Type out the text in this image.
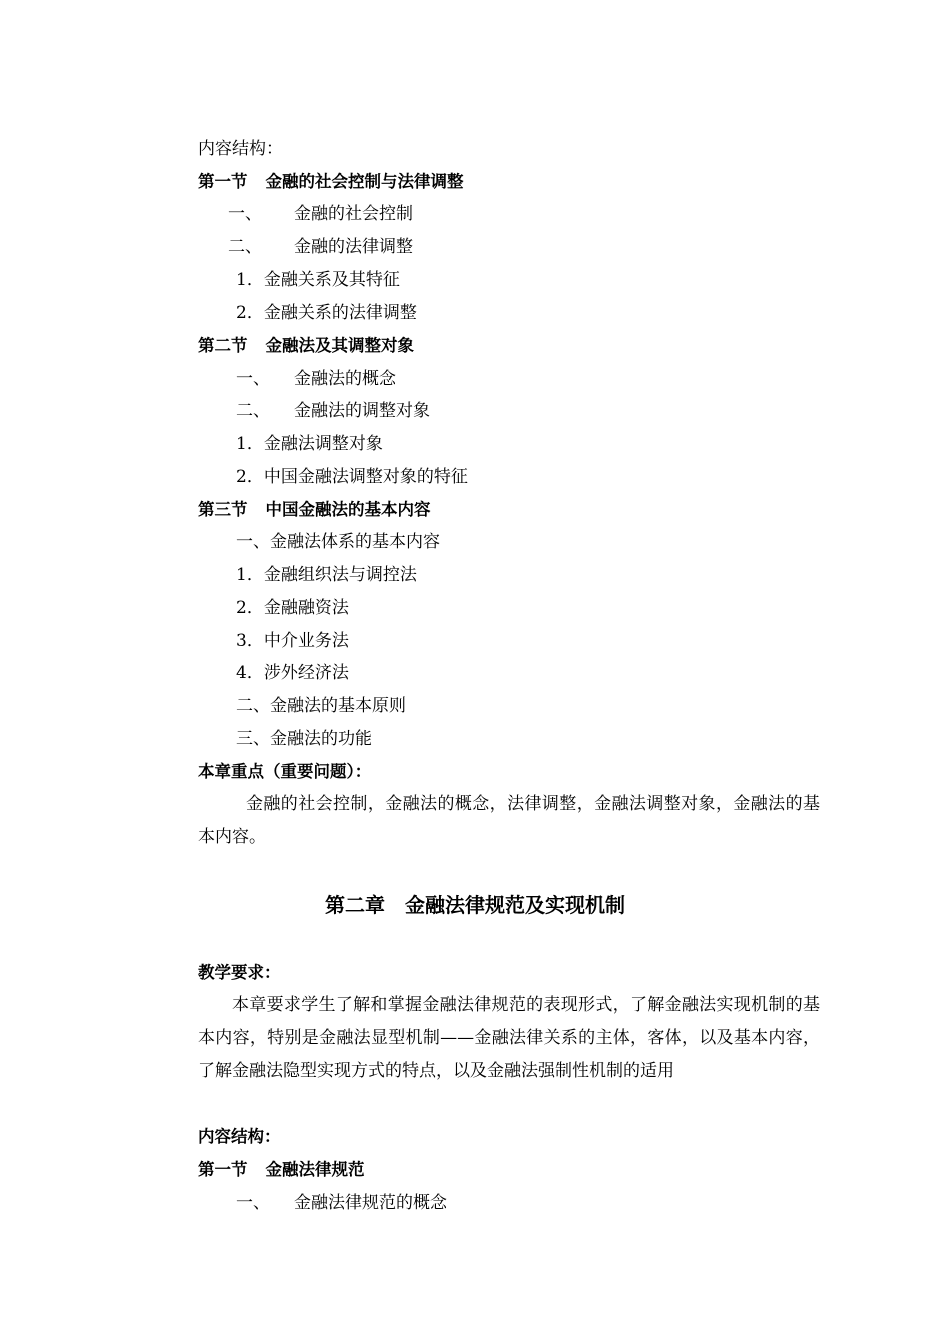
内容结构：
第一节 金融的社会控制与法律调整
一、 金融的社会控制
二、 金融的法律调整
1．金融关系及其特征
2．金融关系的法律调整
第二节 金融法及其调整对象
一、 金融法的概念
二、 金融法的调整对象
1．金融法调整对象
2．中国金融法调整对象的特征
第三节 中国金融法的基本内容
一、金融法体系的基本内容
1．金融组织法与调控法
2．金融融资法
3．中介业务法
4．涉外经济法
二、金融法的基本原则
三、金融法的功能
本章重点（重要问题）：
金融的社会控制，金融法的概念，法律调整，金融法调整对象，金融法的基本内容。
第二章　金融法律规范及实现机制
教学要求：
本章要求学生了解和掌握金融法律规范的表现形式，了解金融法实现机制的基本内容，特别是金融法显型机制——金融法律关系的主体，客体，以及基本内容，了解金融法隐型实现方式的特点，以及金融法强制性机制的适用
内容结构：
第一节 金融法律规范
一、 金融法律规范的概念
